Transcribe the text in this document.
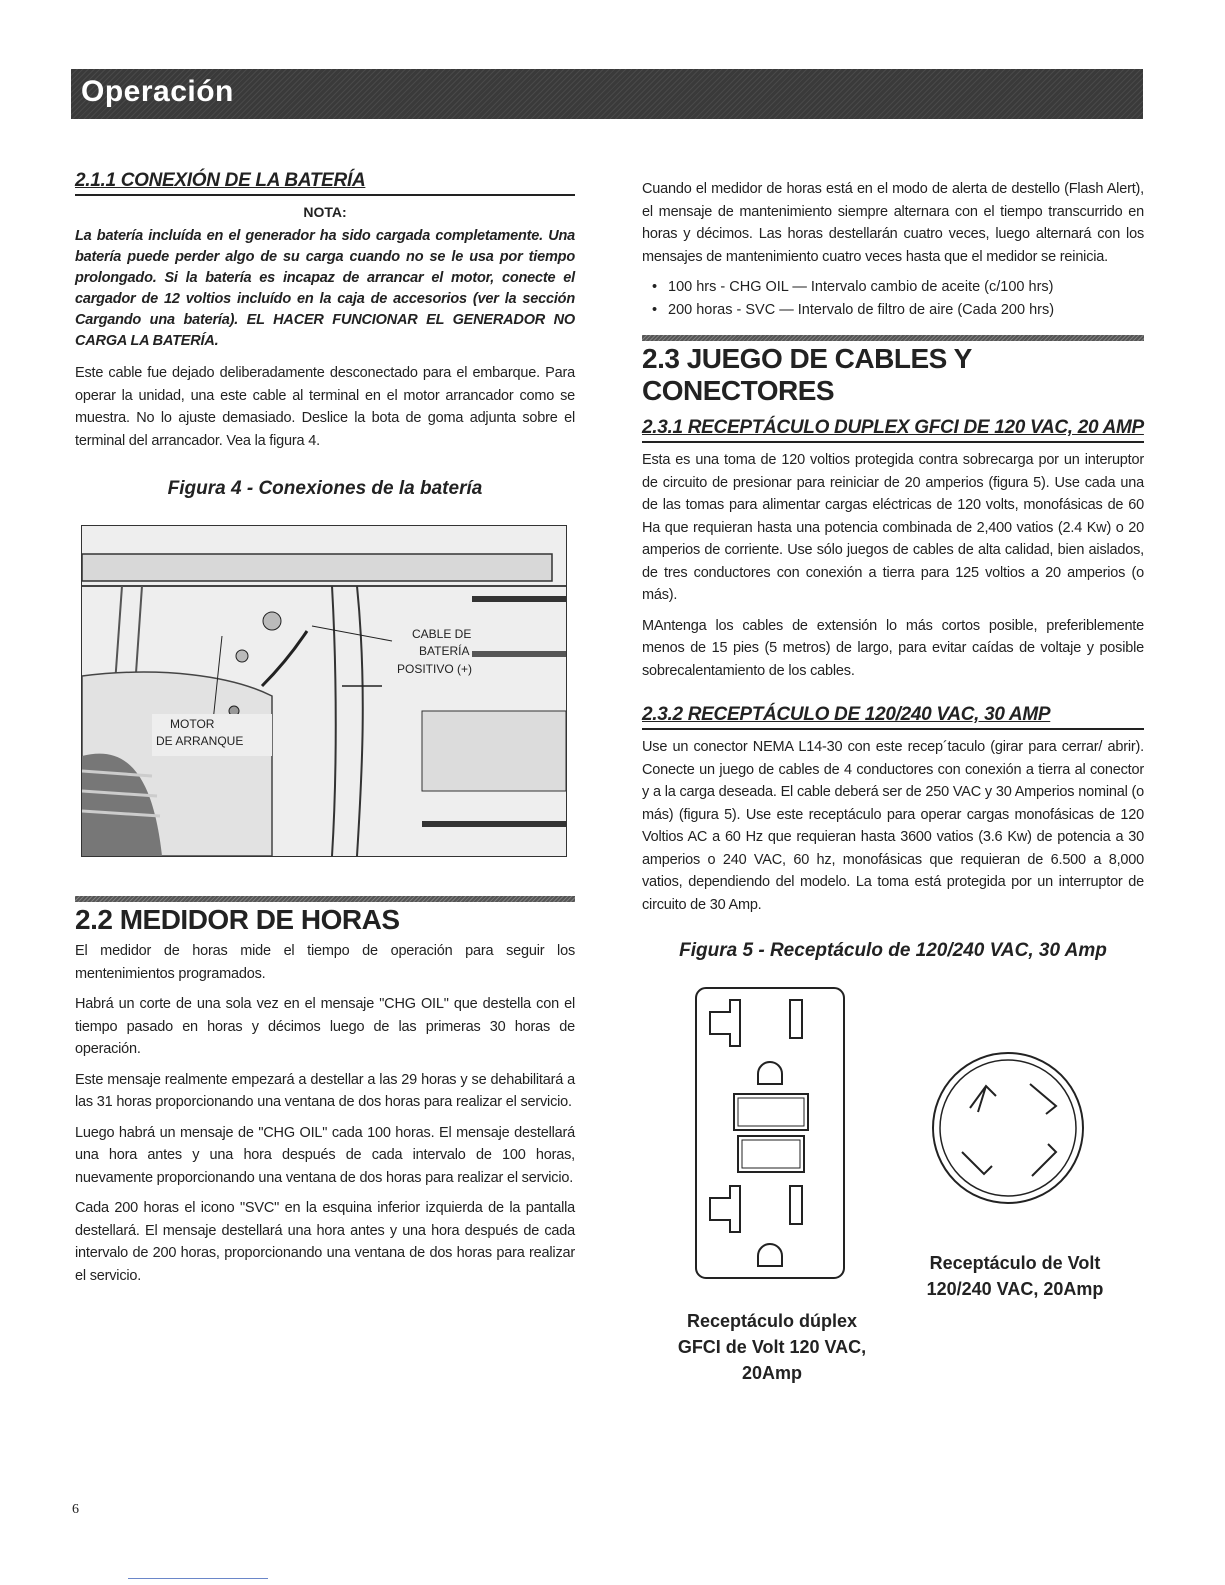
Operación
2.1.1 CONEXIÓN DE LA BATERÍA
NOTA:

La batería incluída en el generador ha sido cargada completamente. Una batería puede perder algo de su carga cuando no se le usa por tiempo prolongado. Si la batería es incapaz de arrancar el motor, conecte el cargador de 12 voltios incluído en la caja de accesorios (ver la sección Cargando una batería). EL HACER FUNCIONAR EL GENERADOR NO CARGA LA BATERÍA.

Este cable fue dejado deliberadamente desconectado para el embarque. Para operar la unidad, una este cable al terminal en el motor arrancador como se muestra. No lo ajuste demasiado. Deslice la bota de goma adjunta sobre el terminal del arrancador. Vea la figura 4.

Figura 4 - Conexiones de la batería
CABLE DE
BATERÍA
POSITIVO (+)
MOTOR
DE ARRANQUE
2.2 MEDIDOR DE HORAS

El medidor de horas mide el tiempo de operación para seguir los mentenimientos programados.

Habrá un corte de una sola vez en el mensaje "CHG OIL" que destella con el tiempo pasado en horas y décimos luego de las primeras 30 horas de operación.

Este mensaje realmente empezará a destellar a las 29 horas y se dehabilitará a las 31 horas proporcionando una ventana de dos horas para realizar el servicio.

Luego habrá un mensaje de "CHG OIL" cada 100 horas. El mensaje destellará una hora antes y una hora después de cada intervalo de 100 horas, nuevamente proporcionando una ventana de dos horas para realizar el servicio.

Cada 200 horas el icono "SVC" en la esquina inferior izquierda de la pantalla destellará. El mensaje destellará una hora antes y una hora después de cada intervalo de 200 horas, proporcionando una ventana de dos horas para realizar el servicio.

Cuando el medidor de horas está en el modo de alerta de destello (Flash Alert), el mensaje de mantenimiento siempre alternara con el tiempo transcurrido en horas y décimos. Las horas destellarán cuatro veces, luego alternará con los mensajes de mantenimiento cuatro veces hasta que el medidor se reinicia.

• 100 hrs - CHG OIL — Intervalo cambio de aceite (c/100 hrs)
• 200 horas - SVC — Intervalo de filtro de aire (Cada 200 hrs)
2.3 JUEGO DE CABLES Y CONECTORES
2.3.1 RECEPTÁCULO DUPLEX GFCI DE 120 VAC, 20 AMP

Esta es una toma de 120 voltios protegida contra sobrecarga por un interuptor de circuito de presionar para reiniciar de 20 amperios (figura 5). Use cada una de las tomas para alimentar cargas eléctricas de 120 volts, monofásicas de 60 Ha que requieran hasta una potencia combinada de 2,400 vatios (2.4 Kw) o 20 amperios de corriente. Use sólo juegos de cables de alta calidad, bien aislados, de tres conductores con conexión a tierra para 125 voltios a 20 amperios (o más).

MAntenga los cables de extensión lo más cortos posible, preferiblemente menos de 15 pies (5 metros) de largo, para evitar caídas de voltaje y posible sobrecalentamiento de los cables.

2.3.2 RECEPTÁCULO DE 120/240 VAC, 30 AMP

Use un conector NEMA L14-30 con este recep´taculo (girar para cerrar/ abrir). Conecte un juego de cables de 4 conductores con conexión a tierra al conector y a la carga deseada. El cable deberá ser de 250 VAC y 30 Amperios nominal (o más) (figura 5). Use este receptáculo para operar cargas monofásicas de 120 Voltios AC a 60 Hz que requieran hasta 3600 vatios (3.6 Kw) de potencia a 30 amperios o 240 VAC, 60 hz, monofásicas que requieran de 6.500 a 8,000 vatios, dependiendo del modelo. La toma está protegida por un interruptor de circuito de 30 Amp.

Figura 5 - Receptáculo de 120/240 VAC, 30 Amp
Receptáculo dúplex
GFCI de Volt 120 VAC,
20Amp
Receptáculo de Volt
120/240 VAC, 20Amp
6
